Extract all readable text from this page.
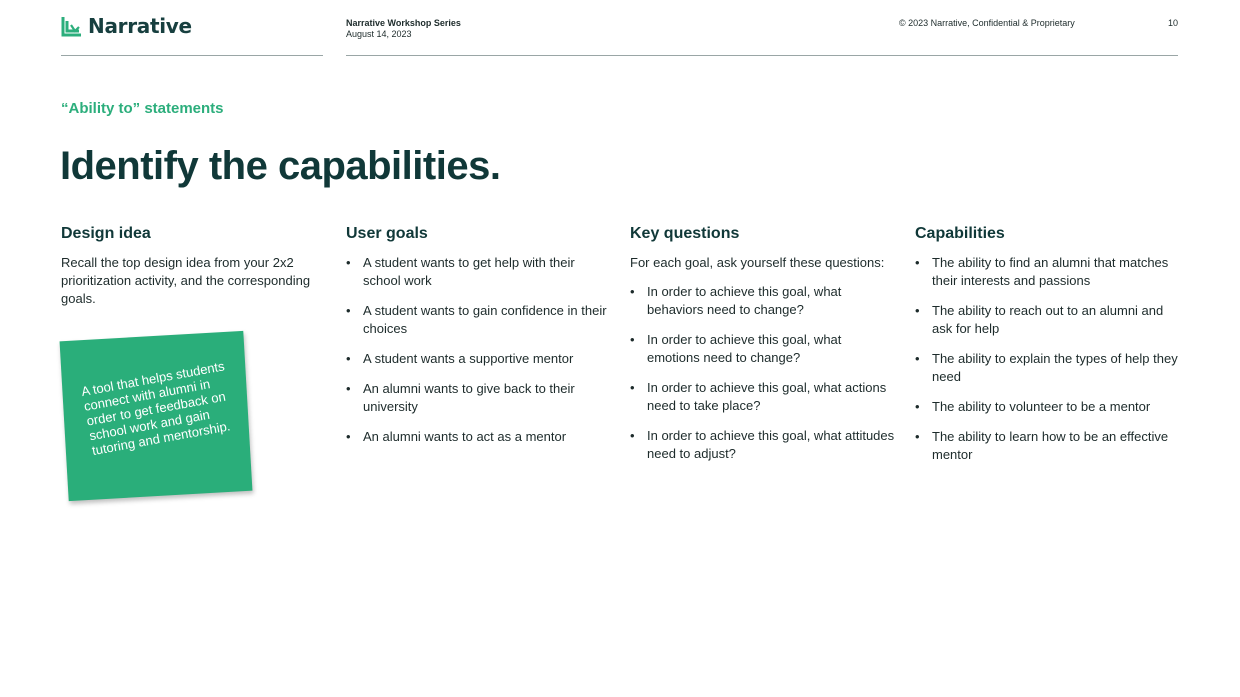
Narrative	Narrative Workshop Series
August 14, 2023
© 2023 Narrative, Confidential & Proprietary	10
“Ability to” statements
Identify the capabilities.
Design idea

Recall the top design idea from your 2x2 prioritization activity, and the corresponding goals.

A tool that helps students connect with alumni in order to get feedback on school work and gain tutoring and mentorship.
User goals
• A student wants to get help with their school work
• A student wants to gain confidence in their choices
• A student wants a supportive mentor
• An alumni wants to give back to their university
• An alumni wants to act as a mentor
Key questions

For each goal, ask yourself these questions:

• In order to achieve this goal, what behaviors need to change?
• In order to achieve this goal, what emotions need to change?
• In order to achieve this goal, what actions need to take place?
• In order to achieve this goal, what attitudes need to adjust?
Capabilities
• The ability to find an alumni that matches their interests and passions
• The ability to reach out to an alumni and ask for help
• The ability to explain the types of help they need
• The ability to volunteer to be a mentor
• The ability to learn how to be an effective mentor
